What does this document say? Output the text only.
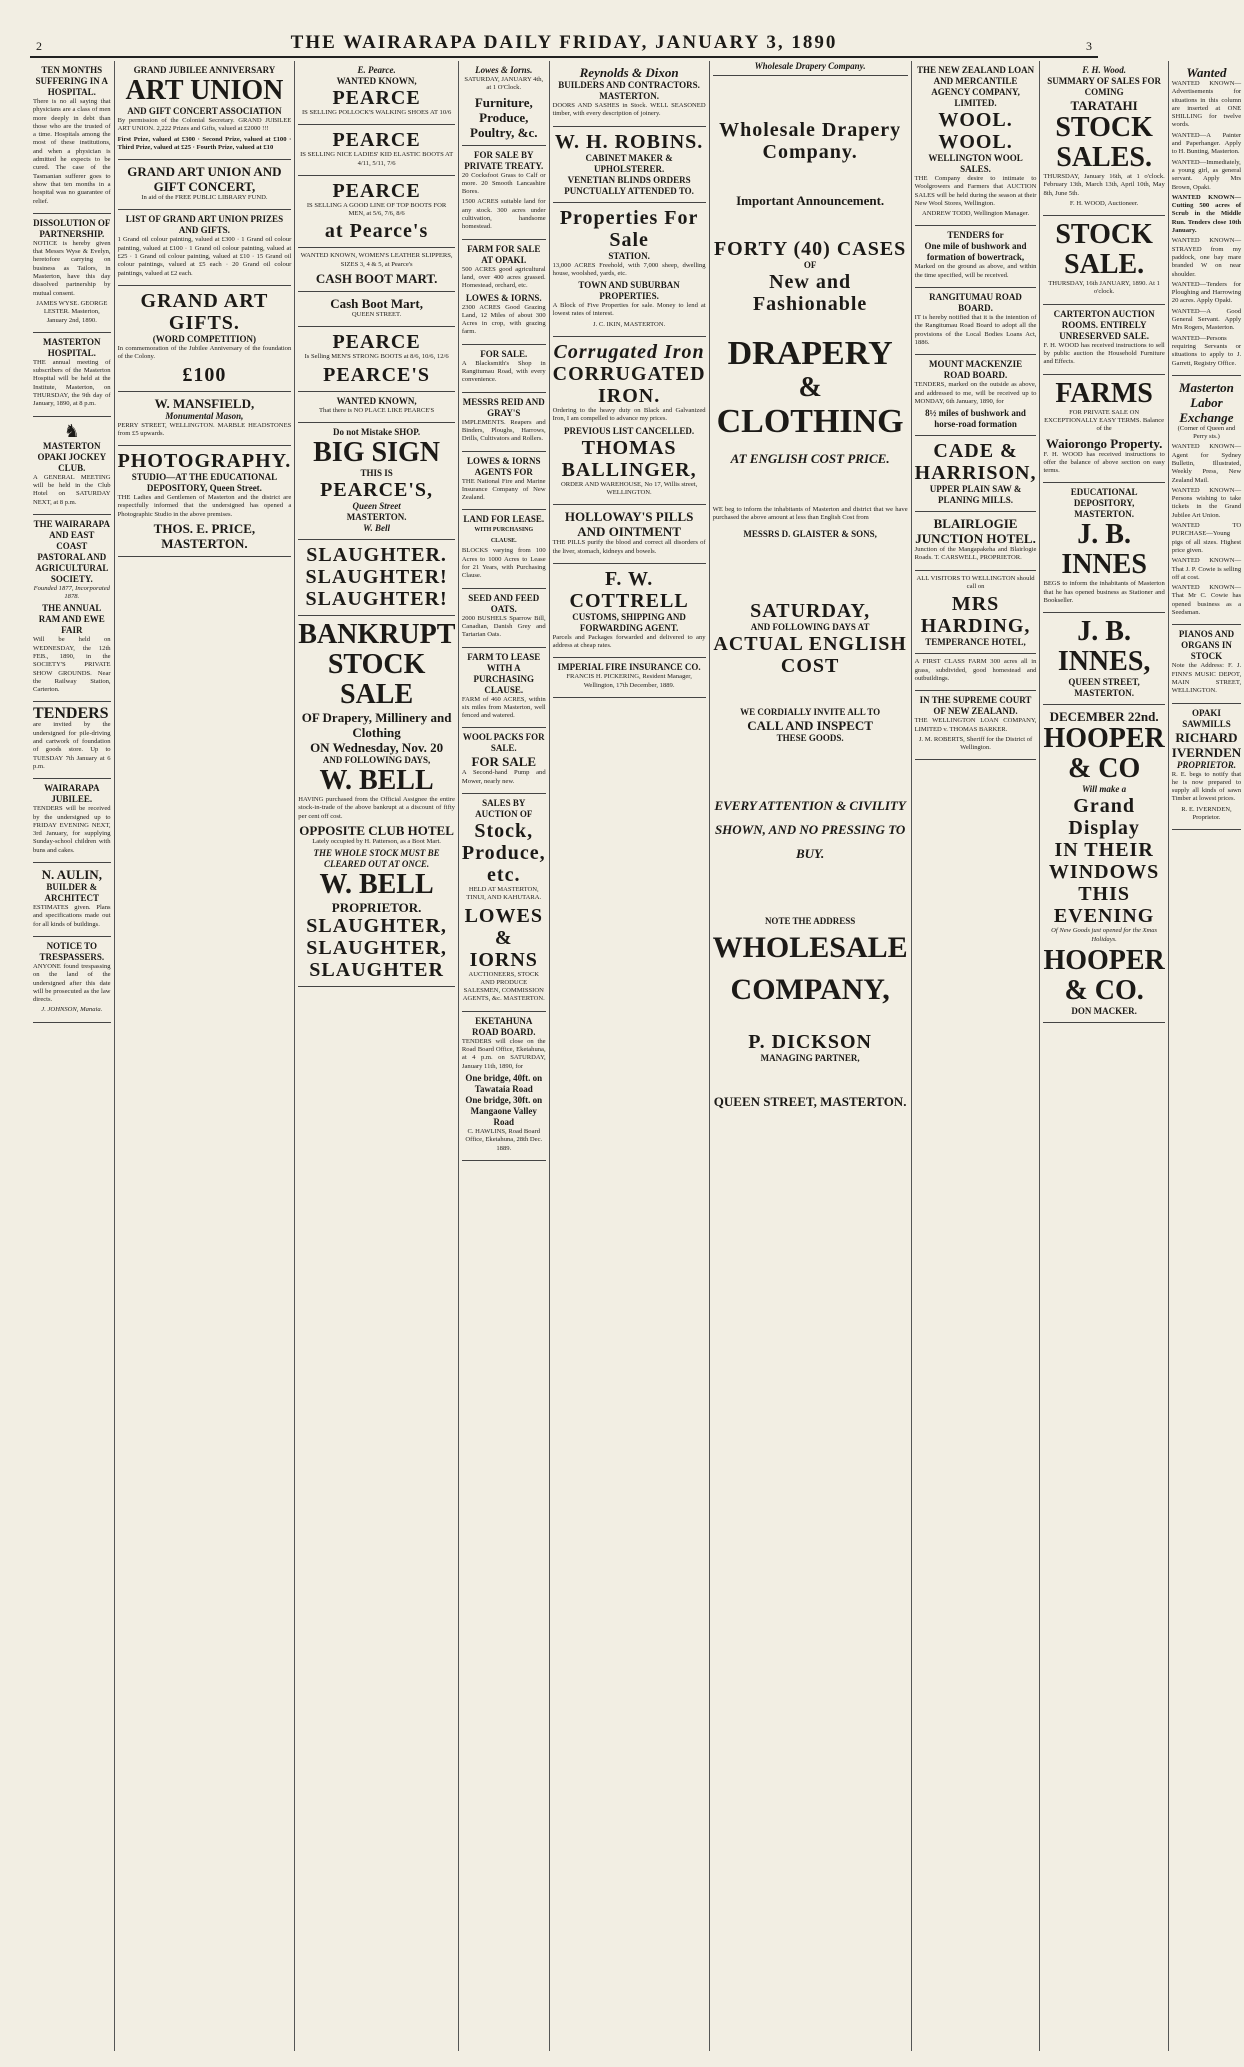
2	THE WAIRARAPA DAILY FRIDAY, JANUARY 3, 1890	3
TEN MONTHS SUFFERING IN A HOSPITAL.

There is no all saying that physicians are a class of men more deeply in debt than those who are the trusted of a time. Hospitals among the most of these institutions, and when a physician is admitted he expects to be cured. The case of the Tasmanian sufferer goes to show that ten months in a hospital was no guarantee of relief.

DISSOLUTION OF PARTNERSHIP.

NOTICE is hereby given that Messrs Wyse & Evelyn, heretofore carrying on business as Tailors, in Masterton, have this day dissolved partnership by mutual consent.

JAMES WYSE. GEORGE LESTER. Masterton, January 2nd, 1890.

MASTERTON HOSPITAL.

THE annual meeting of subscribers of the Masterton Hospital will be held at the Institute, Masterton, on THURSDAY, the 9th day of January, 1890, at 8 p.m.

♞
MASTERTON OPAKI JOCKEY CLUB.

A GENERAL MEETING will be held in the Club Hotel on SATURDAY NEXT, at 8 p.m.

THE WAIRARAPA AND EAST COAST PASTORAL AND AGRICULTURAL SOCIETY.

Founded 1877, Incorporated 1878.

THE ANNUAL RAM AND EWE FAIR

Will be held on WEDNESDAY, the 12th FEB., 1890, in the SOCIETY'S PRIVATE SHOW GROUNDS. Near the Railway Station, Carterton.

TENDERS

are invited by the undersigned for pile-driving and cartwork of foundation of goods store. Up to TUESDAY 7th January at 6 p.m.

WAIRARAPA JUBILEE.

TENDERS will be received by the undersigned up to FRIDAY EVENING NEXT, 3rd January, for supplying Sunday-school children with buns and cakes.

N. AULIN,
BUILDER & ARCHITECT

ESTIMATES given. Plans and specifications made out for all kinds of buildings.

NOTICE TO TRESPASSERS.

ANYONE found trespassing on the land of the undersigned after this date will be prosecuted as the law directs.

J. JOHNSON, Manaia.

GRAND JUBILEE ANNIVERSARY
ART UNION
AND GIFT CONCERT ASSOCIATION

By permission of the Colonial Secretary. GRAND JUBILEE ART UNION. 2,222 Prizes and Gifts, valued at £2000 !!!

First Prize, valued at £300 · Second Prize, valued at £100 · Third Prize, valued at £25 · Fourth Prize, valued at £10

GRAND ART UNION AND GIFT CONCERT,

In aid of the FREE PUBLIC LIBRARY FUND.

LIST OF GRAND ART UNION PRIZES AND GIFTS.

1 Grand oil colour painting, valued at £300 · 1 Grand oil colour painting, valued at £100 · 1 Grand oil colour painting, valued at £25 · 1 Grand oil colour painting, valued at £10 · 15 Grand oil colour paintings, valued at £5 each · 20 Grand oil colour paintings, valued at £2 each.

GRAND ART GIFTS.
(WORD COMPETITION)

In commemoration of the Jubilee Anniversary of the foundation of the Colony.

£100
W. MANSFIELD,
Monumental Mason,

PERRY STREET, WELLINGTON. MARBLE HEADSTONES from £5 upwards.

PHOTOGRAPHY.
STUDIO—AT THE EDUCATIONAL DEPOSITORY, Queen Street.

THE Ladies and Gentlemen of Masterton and the district are respectfully informed that the undersigned has opened a Photographic Studio in the above premises.

THOS. E. PRICE, MASTERTON.
E. Pearce.
WANTED KNOWN,
PEARCE

IS SELLING POLLOCK'S WALKING SHOES AT 10/6

PEARCE

IS SELLING NICE LADIES' KID ELASTIC BOOTS AT 4/11, 5/11, 7/6

PEARCE

IS SELLING A GOOD LINE OF TOP BOOTS FOR MEN, at 5/6, 7/6, 8/6

at Pearce's

WANTED KNOWN, WOMEN'S LEATHER SLIPPERS, SIZES 3, 4 & 5, at Pearce's

CASH BOOT MART.
Cash Boot Mart,

QUEEN STREET.

PEARCE

Is Selling MEN'S STRONG BOOTS at 8/6, 10/6, 12/6

PEARCE'S
WANTED KNOWN,

That there is NO PLACE LIKE PEARCE'S

Do not Mistake SHOP.
BIG SIGN
THIS IS
PEARCE'S,
Queen Street
MASTERTON.
W. Bell
SLAUGHTER. SLAUGHTER! SLAUGHTER!
BANKRUPT STOCK SALE
OF Drapery, Millinery and Clothing
ON Wednesday, Nov. 20
AND FOLLOWING DAYS,
W. BELL

HAVING purchased from the Official Assignee the entire stock-in-trade of the above bankrupt at a discount of fifty per cent off cost.

OPPOSITE CLUB HOTEL

Lately occupied by H. Patterson, as a Boot Mart.

THE WHOLE STOCK MUST BE CLEARED OUT AT ONCE.
W. BELL
PROPRIETOR.
SLAUGHTER, SLAUGHTER, SLAUGHTER
Lowes & Iorns.

SATURDAY, JANUARY 4th, at 1 O'Clock.

Furniture, Produce, Poultry, &c.
FOR SALE BY PRIVATE TREATY.

20 Cocksfoot Grass to Calf or more. 20 Smooth Lancashire Bores.

1500 ACRES suitable land for any stock. 300 acres under cultivation, handsome homestead.

FARM FOR SALE AT OPAKI.

500 ACRES good agricultural land, over 400 acres grassed. Homestead, orchard, etc.

LOWES & IORNS.

2300 ACRES Good Grazing Land, 12 Miles of about 300 Acres in crop, with grazing farm.

FOR SALE.

A Blacksmith's Shop in Rangitumau Road, with every convenience.

MESSRS REID AND GRAY'S

IMPLEMENTS. Reapers and Binders, Ploughs, Harrows, Drills, Cultivators and Rollers.

LOWES & IORNS AGENTS FOR

THE National Fire and Marine Insurance Company of New Zealand.

LAND FOR LEASE.
WITH PURCHASING CLAUSE.

BLOCKS varying from 100 Acres to 1000 Acres to Lease for 21 Years, with Purchasing Clause.

SEED AND FEED OATS.

2000 BUSHELS Sparrow Bill, Canadian, Danish Grey and Tartarian Oats.

FARM TO LEASE WITH A PURCHASING CLAUSE.

FARM of 460 ACRES, within six miles from Masterton, well fenced and watered.

WOOL PACKS FOR SALE.
FOR SALE

A Second-hand Pump and Mower, nearly new.

SALES BY AUCTION OF
Stock, Produce, etc.

HELD AT MASTERTON, TINUI, AND KAHUTARA.

LOWES & IORNS

AUCTIONEERS, STOCK AND PRODUCE SALESMEN, COMMISSION AGENTS, &c. MASTERTON.

EKETAHUNA ROAD BOARD.

TENDERS will close on the Road Board Office, Eketahuna, at 4 p.m. on SATURDAY, January 11th, 1890, for

One bridge, 40ft. on Tawataia Road
One bridge, 30ft. on Mangaone Valley Road

C. HAWLINS, Road Board Office, Eketahuna, 28th Dec. 1889.

Reynolds & Dixon
BUILDERS AND CONTRACTORS.
MASTERTON.

DOORS AND SASHES in Stock. WELL SEASONED timber, with every description of joinery.

W. H. ROBINS.
CABINET MAKER & UPHOLSTERER.
VENETIAN BLINDS ORDERS PUNCTUALLY ATTENDED TO.
Properties For Sale
STATION.

13,000 ACRES Freehold, with 7,000 sheep, dwelling house, woolshed, yards, etc.

TOWN AND SUBURBAN PROPERTIES.

A Block of Five Properties for sale. Money to lend at lowest rates of interest.

J. C. IKIN, MASTERTON.

Corrugated Iron
CORRUGATED IRON.

Ordering to the heavy duty on Black and Galvanized Iron, I am compelled to advance my prices.

PREVIOUS LIST CANCELLED.
THOMAS BALLINGER,

ORDER AND WAREHOUSE, No 17, Willis street, WELLINGTON.

HOLLOWAY'S PILLS AND OINTMENT

THE PILLS purify the blood and correct all disorders of the liver, stomach, kidneys and bowels.

F. W. COTTRELL
CUSTOMS, SHIPPING AND FORWARDING AGENT.

Parcels and Packages forwarded and delivered to any address at cheap rates.

IMPERIAL FIRE INSURANCE CO.

FRANCIS H. PICKERING, Resident Manager, Wellington, 17th December, 1889.

Wholesale Drapery Company.
Wholesale Drapery Company.
Important Announcement.
FORTY (40) CASES
OF
New and Fashionable
DRAPERY
&
CLOTHING
AT ENGLISH COST PRICE.

WE beg to inform the inhabitants of Masterton and district that we have purchased the above amount at less than English Cost from

MESSRS D. GLAISTER & SONS,
SATURDAY,
AND FOLLOWING DAYS AT
ACTUAL ENGLISH COST
WE CORDIALLY INVITE ALL TO
CALL AND INSPECT
THESE GOODS.
EVERY ATTENTION & CIVILITY SHOWN, AND NO PRESSING TO BUY.
NOTE THE ADDRESS
WHOLESALE COMPANY,
P. DICKSON
MANAGING PARTNER,
QUEEN STREET, MASTERTON.
THE NEW ZEALAND LOAN AND MERCANTILE AGENCY COMPANY, LIMITED.
WOOL. WOOL.
WELLINGTON WOOL SALES.

THE Company desire to intimate to Woolgrowers and Farmers that AUCTION SALES will be held during the season at their New Wool Stores, Wellington.

ANDREW TODD, Wellington Manager.

TENDERS for
One mile of bushwork and formation of bowertrack,

Marked on the ground as above, and within the time specified, will be received.

RANGITUMAU ROAD BOARD.

IT is hereby notified that it is the intention of the Rangitumau Road Board to adopt all the provisions of the Local Bodies Loans Act, 1886.

MOUNT MACKENZIE ROAD BOARD.

TENDERS, marked on the outside as above, and addressed to me, will be received up to MONDAY, 6th January, 1890, for

8½ miles of bushwork and horse-road formation
CADE & HARRISON,
UPPER PLAIN SAW & PLANING MILLS.
BLAIRLOGIE JUNCTION HOTEL.

Junction of the Mangapakeha and Blairlogie Roads. T. CARSWELL, PROPRIETOR.

ALL VISITORS TO WELLINGTON should call on

MRS HARDING,
TEMPERANCE HOTEL,

A FIRST CLASS FARM 300 acres all in grass, subdivided, good homestead and outbuildings.

IN THE SUPREME COURT OF NEW ZEALAND.

THE WELLINGTON LOAN COMPANY, LIMITED v. THOMAS BARKER.

J. M. ROBERTS, Sheriff for the District of Wellington.

F. H. Wood.
SUMMARY OF SALES FOR COMING
TARATAHI
STOCK SALES.

THURSDAY, January 16th, at 1 o'clock. February 13th, March 13th, April 10th, May 8th, June 5th.

F. H. WOOD, Auctioneer.

STOCK SALE.

THURSDAY, 16th JANUARY, 1890. At 1 o'clock.

CARTERTON AUCTION ROOMS. ENTIRELY UNRESERVED SALE.

F. H. WOOD has received instructions to sell by public auction the Household Furniture and Effects.

FARMS

FOR PRIVATE SALE ON EXCEPTIONALLY EASY TERMS. Balance of the

Waiorongo Property.

F. H. WOOD has received instructions to offer the balance of above section on easy terms.

EDUCATIONAL DEPOSITORY, MASTERTON.
J. B. INNES

BEGS to inform the inhabitants of Masterton that he has opened business as Stationer and Bookseller.

J. B. INNES,
QUEEN STREET, MASTERTON.
DECEMBER 22nd.
HOOPER & CO
Will make a
Grand Display
IN THEIR WINDOWS THIS EVENING

Of New Goods just opened for the Xmas Holidays.

HOOPER & CO.
DON MACKER.
Wanted

WANTED KNOWN—Advertisements for situations in this column are inserted at ONE SHILLING for twelve words.

WANTED—A Painter and Paperhanger. Apply to H. Bunting, Masterton.

WANTED—Immediately, a young girl, as general servant. Apply Mrs Brown, Opaki.

WANTED KNOWN—Cutting 500 acres of Scrub in the Middle Run. Tenders close 10th January.

WANTED KNOWN—STRAYED from my paddock, one bay mare branded W on near shoulder.

WANTED—Tenders for Ploughing and Harrowing 20 acres. Apply Opaki.

WANTED—A Good General Servant. Apply Mrs Rogers, Masterton.

WANTED—Persons requiring Servants or situations to apply to J. Garrett, Registry Office.

Masterton Labor Exchange

(Corner of Queen and Perry sts.)

WANTED KNOWN—Agent for Sydney Bulletin, Illustrated, Weekly Press, New Zealand Mail.

WANTED KNOWN—Persons wishing to take tickets in the Grand Jubilee Art Union.

WANTED TO PURCHASE—Young pigs of all sizes. Highest price given.

WANTED KNOWN—That J. P. Cowie is selling off at cost.

WANTED KNOWN—That Mr C. Cowie has opened business as a Seedsman.

PIANOS AND ORGANS IN STOCK

Note the Address: F. J. FINN'S MUSIC DEPOT, MAIN STREET, WELLINGTON.

OPAKI SAWMILLS
RICHARD IVERNDEN
PROPRIETOR.

R. E. begs to notify that he is now prepared to supply all kinds of sawn Timber at lowest prices.

R. E. IVERNDEN, Proprietor.
